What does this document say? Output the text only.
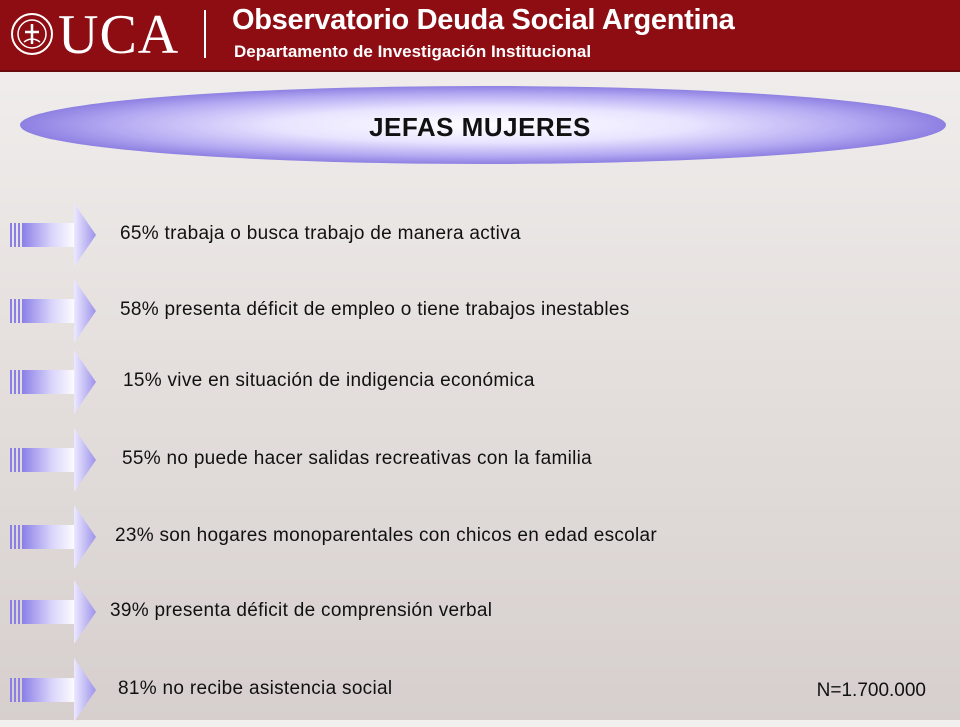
UCA Observatorio Deuda Social Argentina
Departamento de Investigación Institucional
JEFAS MUJERES
65% trabaja o busca trabajo de manera activa
58% presenta déficit de empleo o tiene trabajos inestables
15% vive en situación de indigencia económica
55% no puede hacer salidas recreativas con la familia
23% son hogares monoparentales con chicos en edad escolar
39% presenta déficit de comprensión verbal
81% no recibe asistencia social	N=1.700.000
